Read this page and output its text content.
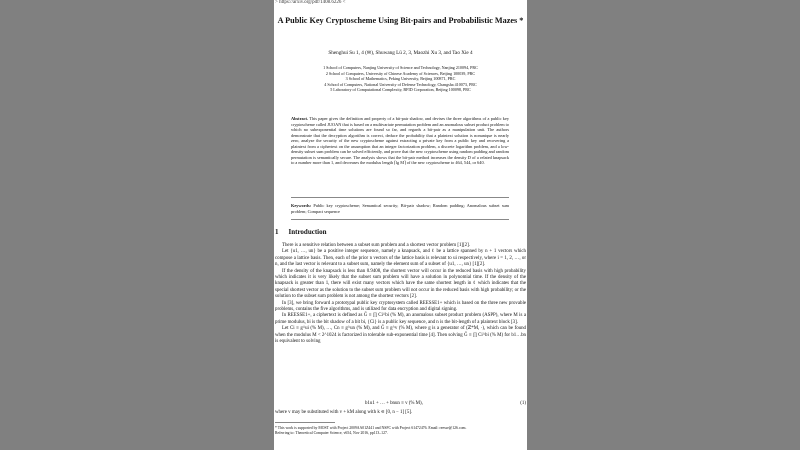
> https://arxiv.org/pdf/1408.6226 <
A Public Key Cryptoscheme Using Bit-pairs and Probabilistic Mazes *
Shenghui Su 1, 4 (✉), Shuwang Lü 2, 3, Maozhi Xu 3, and Tao Xie 4
1 School of Computers, Nanjing University of Science and Technology, Nanjing 210094, PRC
2 School of Computers, University of Chinese Academy of Sciences, Beijing 100039, PRC
3 School of Mathematics, Peking University, Beijing 100871, PRC
4 School of Computers, National University of Defense Technology, Changsha 410073, PRC
5 Laboratory of Computational Complexity, BFID Corporation, Beijing 100098, PRC
Abstract. This paper gives the definition and property of a bit-pair shadow, and devises the three algorithms of a public key cryptoscheme called JUOAN that is based on a multivariate permutation problem and an anomalous subset product problem to which no subexponential time solutions are found so far, and regards a bit-pair as a manipulation unit. The authors demonstrate that the decryption algorithm is correct, deduce the probability that a plaintext solution is nonunique is nearly zero, analyze the security of the new cryptoscheme against extracting a private key from a public key and recovering a plaintext from a ciphertext on the assumption that an integer factorization problem, a discrete logarithm problem, and a low-density subset sum problem can be solved efficiently, and prove that the new cryptoscheme using random padding and random permutation is semantically secure. The analysis shows that the bit-pair method increases the density D of a related knapsack to a number more than 1, and decreases the modulus length ⌈lg M⌉ of the new cryptoscheme to 464, 544, or 640.
Keywords: Public key cryptoscheme; Semantical security; Bit-pair shadow; Random padding; Anomalous subset sum problem; Compact sequence
1 Introduction

There is a sensitive relation between a subset sum problem and a shortest vector problem [1][2].

Let {u1, …, un} be a positive integer sequence, namely a knapsack, and ℓ be a lattice spanned by n + 1 vectors which compose a lattice basis. Then, each of the prior n vectors of the lattice basis is relevant to ui respectively, where i = 1, 2, …, or n, and the last vector is relevant to a subset sum, namely the element sum of a subset of {u1, …, un} [1][2].

If the density of the knapsack is less than 0.9408, the shortest vector will occur in the reduced basis with high probability which indicates it is very likely that the subset sum problem will have a solution in polynomial time. If the density of the knapsack is greater than 1, there will exist many vectors which have the same shortest length in ℓ which indicates that the special shortest vector as the solution to the subset sum problem will not occur in the reduced basis with high probability; or the solution to the subset sum problem is not among the shortest vectors [2].

In [3], we bring forward a prototypal public key cryptosystem called REESSE1+ which is based on the three new provable problems, contains the five algorithms, and is utilized for data encryption and digital signing.

In REESSE1+, a ciphertext is defined as Ḡ ≡ ∏ Ci^bi (% M), an anomalous subset product problem (ASPP), where M is a prime modulus, bi is the bit shadow of a bit bi, {Ci} is a public key sequence, and n is the bit-length of a plaintext block [3].

Let Ci ≡ g^ui (% M), …, Cn ≡ g^un (% M), and Ḡ ≡ g^v (% M), where g is a generator of (ℤ*M, ·), which can be found when the modulus M < 2^1024 is factorized in tolerable sub-exponential time [4]. Then solving Ḡ ≡ ∏ Ci^bi (% M) for b1…bn is equivalent to solving

b1u1 + … + bnun ≡ v (% M),	(1)
where v may be substituted with v + kM along with k ∈ [0, n − 1] [5].
* This work is supported by MOST with Project 2009AA01Z441 and NSFC with Project 61472476. Email: reesse@126.com.
Referring to: Theoretical Computer Science, v654, Nov 2016, pp113–127.
